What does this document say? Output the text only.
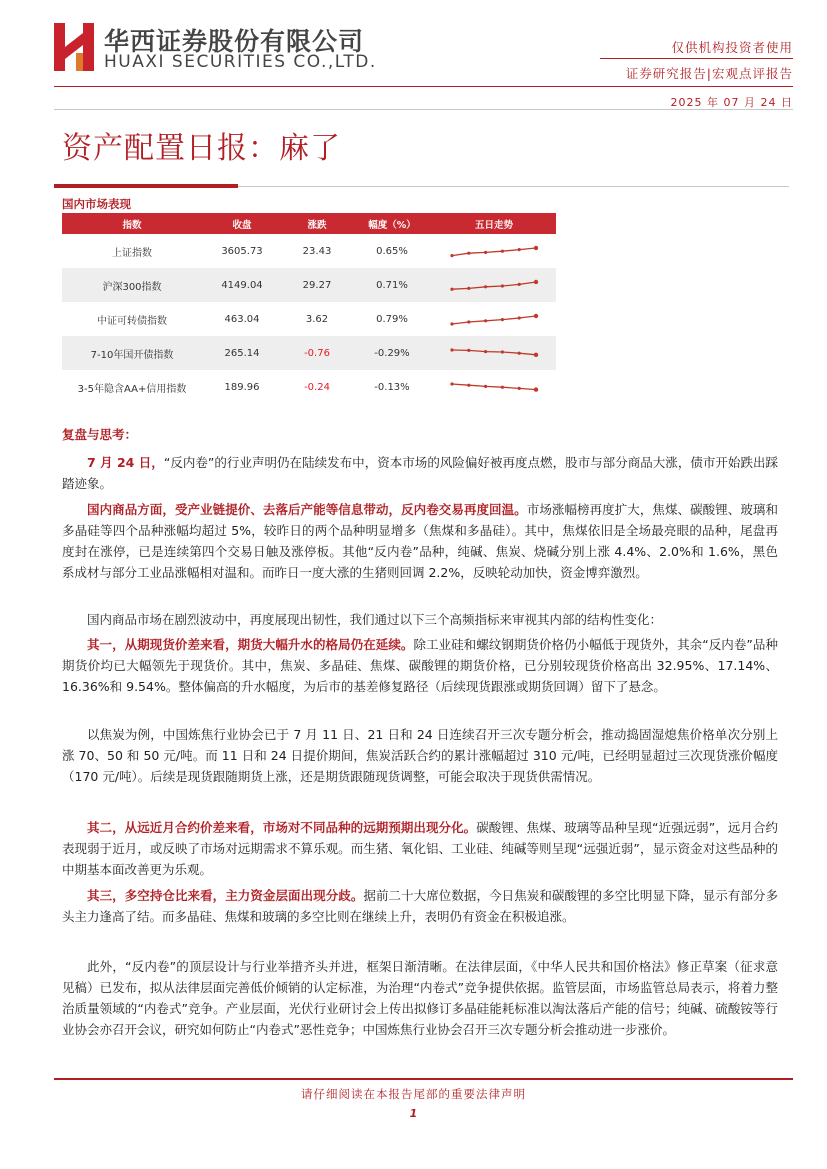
华西证券股份有限公司
HUAXI SECURITIES CO.,LTD.
仅供机构投资者使用
证券研究报告|宏观点评报告
2025 年 07 月 24 日
资产配置日报：麻了
国内市场表现
指数	收盘	涨跌	幅度（%）	五日走势
上证指数	3605.73	23.43	0.65%
沪深300指数	4149.04	29.27	0.71%
中证可转债指数	463.04	3.62	0.79%
7-10年国开债指数	265.14	-0.76	-0.29%
3-5年隐含AA+信用指数	189.96	-0.24	-0.13%
复盘与思考：
7 月 24 日，“反内卷”的行业声明仍在陆续发布中，资本市场的风险偏好被再度点燃，股市与部分商品大涨，债市开始跌出踩踏迹象。
国内商品方面，受产业链提价、去落后产能等信息带动，反内卷交易再度回温。市场涨幅榜再度扩大，焦煤、碳酸锂、玻璃和多晶硅等四个品种涨幅均超过 5%，较昨日的两个品种明显增多（焦煤和多晶硅）。其中，焦煤依旧是全场最亮眼的品种，尾盘再度封在涨停，已是连续第四个交易日触及涨停板。其他“反内卷”品种，纯碱、焦炭、烧碱分别上涨 4.4%、2.0%和 1.6%，黑色系成材与部分工业品涨幅相对温和。而昨日一度大涨的生猪则回调 2.2%，反映轮动加快，资金博弈激烈。
国内商品市场在剧烈波动中，再度展现出韧性，我们通过以下三个高频指标来审视其内部的结构性变化：
其一，从期现货价差来看，期货大幅升水的格局仍在延续。除工业硅和螺纹钢期货价格仍小幅低于现货外，其余“反内卷”品种期货价均已大幅领先于现货价。其中，焦炭、多晶硅、焦煤、碳酸锂的期货价格，已分别较现货价格高出 32.95%、17.14%、16.36%和 9.54%。整体偏高的升水幅度，为后市的基差修复路径（后续现货跟涨或期货回调）留下了悬念。
以焦炭为例，中国炼焦行业协会已于 7 月 11 日、21 日和 24 日连续召开三次专题分析会，推动捣固湿熄焦价格单次分别上涨 70、50 和 50 元/吨。而 11 日和 24 日提价期间，焦炭活跃合约的累计涨幅超过 310 元/吨，已经明显超过三次现货涨价幅度（170 元/吨）。后续是现货跟随期货上涨，还是期货跟随现货调整，可能会取决于现货供需情况。
其二，从远近月合约价差来看，市场对不同品种的远期预期出现分化。碳酸锂、焦煤、玻璃等品种呈现“近强远弱”，远月合约表现弱于近月，或反映了市场对远期需求不算乐观。而生猪、氧化铝、工业硅、纯碱等则呈现“远强近弱”，显示资金对这些品种的中期基本面改善更为乐观。
其三，多空持仓比来看，主力资金层面出现分歧。据前二十大席位数据，今日焦炭和碳酸锂的多空比明显下降，显示有部分多头主力逢高了结。而多晶硅、焦煤和玻璃的多空比则在继续上升，表明仍有资金在积极追涨。
此外，“反内卷”的顶层设计与行业举措齐头并进，框架日渐清晰。在法律层面，《中华人民共和国价格法》修正草案（征求意见稿）已发布，拟从法律层面完善低价倾销的认定标准，为治理“内卷式”竞争提供依据。监管层面，市场监管总局表示，将着力整治质量领域的“内卷式”竞争。产业层面，光伏行业研讨会上传出拟修订多晶硅能耗标准以淘汰落后产能的信号；纯碱、硫酸铵等行业协会亦召开会议，研究如何防止“内卷式”恶性竞争；中国炼焦行业协会召开三次专题分析会推动进一步涨价。
请仔细阅读在本报告尾部的重要法律声明
1
